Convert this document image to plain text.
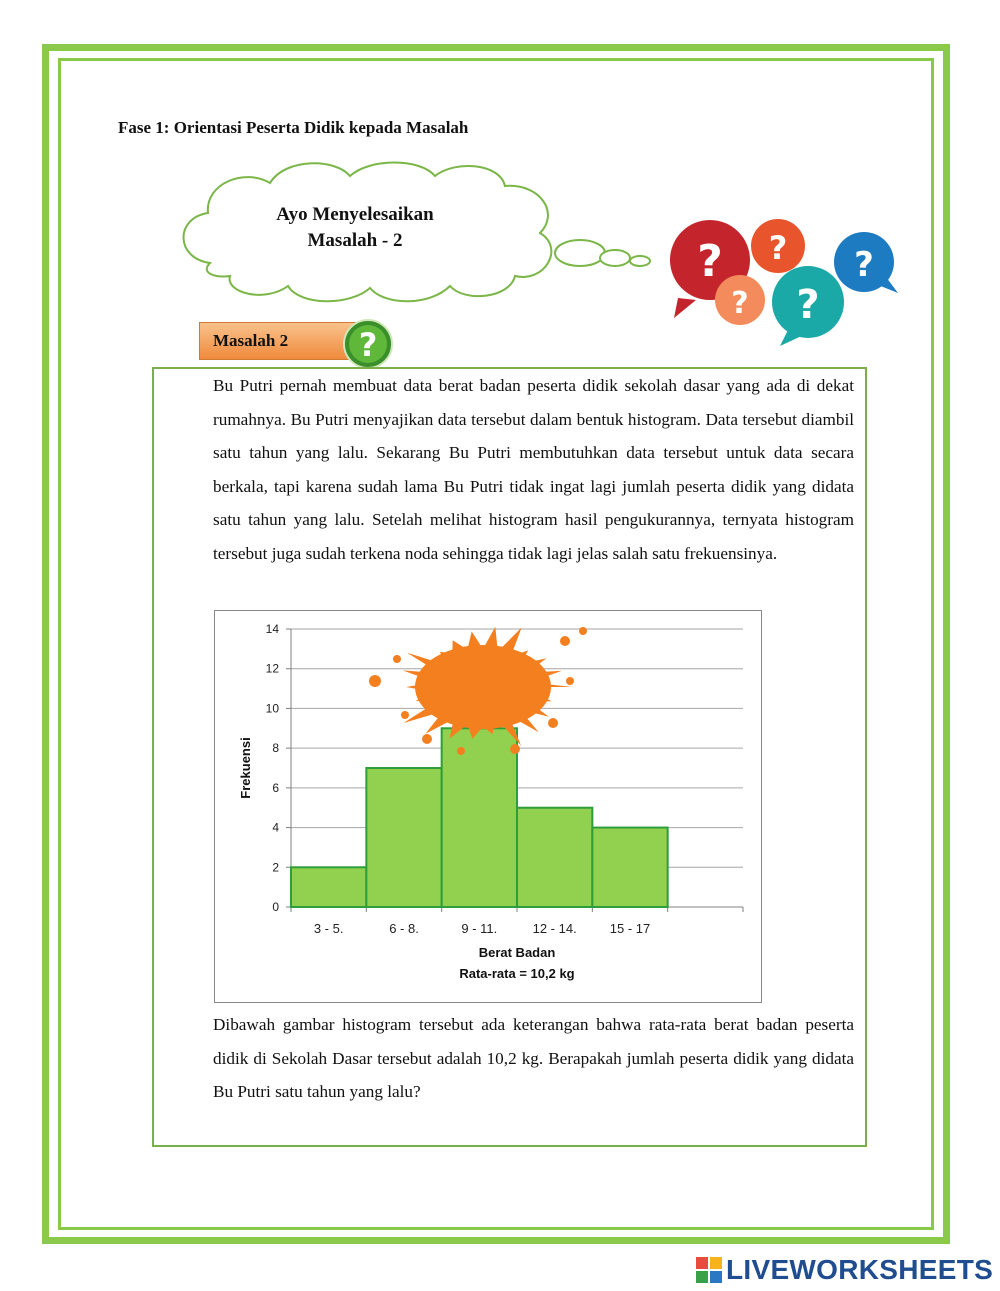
Fase 1: Orientasi Peserta Didik kepada Masalah
Ayo Menyelesaikan
Masalah - 2	? ? ?
? ?
Masalah 2	?
Bu Putri pernah membuat data berat badan peserta didik sekolah dasar yang ada di dekat rumahnya. Bu Putri menyajikan data tersebut dalam bentuk histogram. Data tersebut diambil satu tahun yang lalu. Sekarang Bu Putri membutuhkan data tersebut untuk data secara berkala, tapi karena sudah lama Bu Putri tidak ingat lagi jumlah peserta didik yang didata satu tahun yang lalu. Setelah melihat histogram hasil pengukurannya, ternyata histogram tersebut juga sudah terkena noda sehingga tidak lagi jelas salah satu frekuensinya.
0
2
4
6
8
10
12
14
3 - 5.	6 - 8.	9 - 11.	12 - 14.	15 - 17
Frekuensi
Berat Badan
Rata-rata = 10,2 kg
Dibawah gambar histogram tersebut ada keterangan bahwa rata-rata berat badan peserta didik di Sekolah Dasar tersebut adalah 10,2 kg. Berapakah jumlah peserta didik yang didata Bu Putri satu tahun yang lalu?
LIVEWORKSHEETS
